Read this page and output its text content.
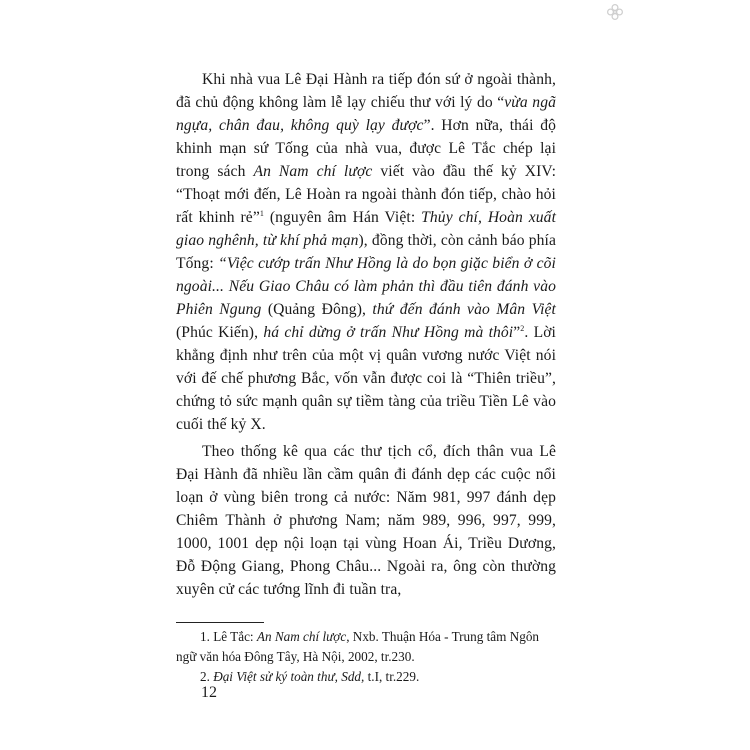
Khi nhà vua Lê Đại Hành ra tiếp đón sứ ở ngoài thành, đã chủ động không làm lễ lạy chiếu thư với lý do “vừa ngã ngựa, chân đau, không quỳ lạy được”. Hơn nữa, thái độ khinh mạn sứ Tống của nhà vua, được Lê Tắc chép lại trong sách An Nam chí lược viết vào đầu thế kỷ XIV: “Thoạt mới đến, Lê Hoàn ra ngoài thành đón tiếp, chào hỏi rất khinh rẻ”$^1$ (nguyên âm Hán Việt: Thủy chí, Hoàn xuất giao nghênh, từ khí phả mạn), đồng thời, còn cảnh báo phía Tống: “Việc cướp trấn Như Hồng là do bọn giặc biển ở cõi ngoài... Nếu Giao Châu có làm phản thì đầu tiên đánh vào Phiên Ngung (Quảng Đông), thứ đến đánh vào Mân Việt (Phúc Kiến), há chỉ dừng ở trấn Như Hồng mà thôi”$^2$. Lời khẳng định như trên của một vị quân vương nước Việt nói với đế chế phương Bắc, vốn vẫn được coi là “Thiên triều”, chứng tỏ sức mạnh quân sự tiềm tàng của triều Tiền Lê vào cuối thế kỷ X.

Theo thống kê qua các thư tịch cổ, đích thân vua Lê Đại Hành đã nhiều lần cầm quân đi đánh dẹp các cuộc nổi loạn ở vùng biên trong cả nước: Năm 981, 997 đánh dẹp Chiêm Thành ở phương Nam; năm 989, 996, 997, 999, 1000, 1001 dẹp nội loạn tại vùng Hoan Ái, Triều Dương, Đỗ Động Giang, Phong Châu... Ngoài ra, ông còn thường xuyên cử các tướng lĩnh đi tuần tra,

1. Lê Tắc: An Nam chí lược, Nxb. Thuận Hóa - Trung tâm Ngôn ngữ văn hóa Đông Tây, Hà Nội, 2002, tr.230.

2. Đại Việt sử ký toàn thư, Sdd, t.I, tr.229.

12
